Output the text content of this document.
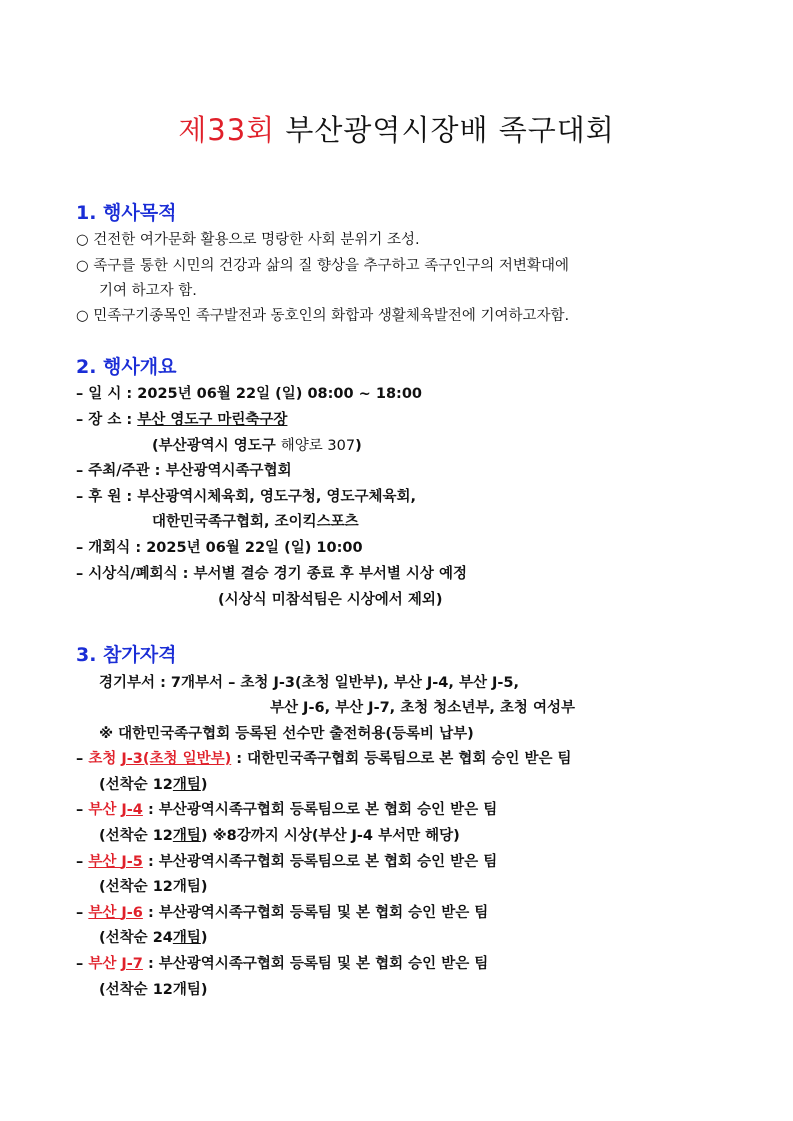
제33회 부산광역시장배 족구대회
1. 행사목적
○ 건전한 여가문화 활용으로 명랑한 사회 분위기 조성.
○ 족구를 통한 시민의 건강과 삶의 질 향상을 추구하고 족구인구의 저변확대에
기여 하고자 함.
○ 민족구기종목인 족구발전과 동호인의 화합과 생활체육발전에 기여하고자함.
2. 행사개요
– 일 시 : 2025년 06월 22일 (일) 08:00 ~ 18:00
– 장 소 : 부산 영도구 마린축구장
(부산광역시 영도구 해양로 307)
– 주최/주관 : 부산광역시족구협회
– 후 원 : 부산광역시체육회, 영도구청, 영도구체육회,
대한민국족구협회, 조이킥스포츠
– 개회식 : 2025년 06월 22일 (일) 10:00
– 시상식/폐회식 : 부서별 결승 경기 종료 후 부서별 시상 예정
(시상식 미참석팀은 시상에서 제외)
3. 참가자격
경기부서 : 7개부서 – 초청 J-3(초청 일반부), 부산 J-4, 부산 J-5,
부산 J-6, 부산 J-7, 초청 청소년부, 초청 여성부
※ 대한민국족구협회 등록된 선수만 출전허용(등록비 납부)
– 초청 J-3(초청 일반부) : 대한민국족구협회 등록팀으로 본 협회 승인 받은 팀
(선착순 12개팀)
– 부산 J-4 : 부산광역시족구협회 등록팀으로 본 협회 승인 받은 팀
(선착순 12개팀) ※8강까지 시상(부산 J-4 부서만 해당)
– 부산 J-5 : 부산광역시족구협회 등록팀으로 본 협회 승인 받은 팀
(선착순 12개팀)
– 부산 J-6 : 부산광역시족구협회 등록팀 및 본 협회 승인 받은 팀
(선착순 24개팀)
– 부산 J-7 : 부산광역시족구협회 등록팀 및 본 협회 승인 받은 팀
(선착순 12개팀)
